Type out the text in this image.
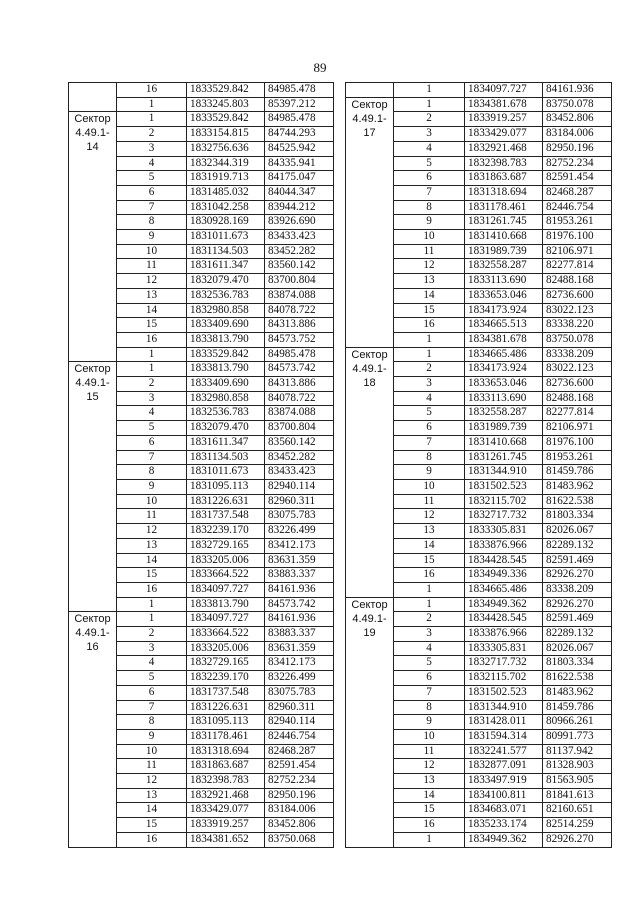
89
	16	1833529.842	84985.478
	1	1833245.803	85397.212

Сектор
4.49.1-
14	1	1833529.842	84985.478
	2	1833154.815	84744.293
	3	1832756.636	84525.942
	4	1832344.319	84335.941
	5	1831919.713	84175.047
	6	1831485.032	84044.347
	7	1831042.258	83944.212
	8	1830928.169	83926.690
	9	1831011.673	83433.423
	10	1831134.503	83452.282
	11	1831611.347	83560.142
	12	1832079.470	83700.804
	13	1832536.783	83874.088
	14	1832980.858	84078.722
	15	1833409.690	84313.886
	16	1833813.790	84573.752
	1	1833529.842	84985.478

Сектор
4.49.1-
15	1	1833813.790	84573.742
	2	1833409.690	84313.886
	3	1832980.858	84078.722
	4	1832536.783	83874.088
	5	1832079.470	83700.804
	6	1831611.347	83560.142
	7	1831134.503	83452.282
	8	1831011.673	83433.423
	9	1831095.113	82940.114
	10	1831226.631	82960.311
	11	1831737.548	83075.783
	12	1832239.170	83226.499
	13	1832729.165	83412.173
	14	1833205.006	83631.359
	15	1833664.522	83883.337
	16	1834097.727	84161.936
	1	1833813.790	84573.742

Сектор
4.49.1-
16	1	1834097.727	84161.936
	2	1833664.522	83883.337
	3	1833205.006	83631.359
	4	1832729.165	83412.173
	5	1832239.170	83226.499
	6	1831737.548	83075.783
	7	1831226.631	82960.311
	8	1831095.113	82940.114
	9	1831178.461	82446.754
	10	1831318.694	82468.287
	11	1831863.687	82591.454
	12	1832398.783	82752.234
	13	1832921.468	82950.196
	14	1833429.077	83184.006
	15	1833919.257	83452.806
	16	1834381.652	83750.068
	1	1834097.727	84161.936

Сектор
4.49.1-
17	1	1834381.678	83750.078
	2	1833919.257	83452.806
	3	1833429.077	83184.006
	4	1832921.468	82950.196
	5	1832398.783	82752.234
	6	1831863.687	82591.454
	7	1831318.694	82468.287
	8	1831178.461	82446.754
	9	1831261.745	81953.261
	10	1831410.668	81976.100
	11	1831989.739	82106.971
	12	1832558.287	82277.814
	13	1833113.690	82488.168
	14	1833653.046	82736.600
	15	1834173.924	83022.123
	16	1834665.513	83338.220
	1	1834381.678	83750.078

Сектор
4.49.1-
18	1	1834665.486	83338.209
	2	1834173.924	83022.123
	3	1833653.046	82736.600
	4	1833113.690	82488.168
	5	1832558.287	82277.814
	6	1831989.739	82106.971
	7	1831410.668	81976.100
	8	1831261.745	81953.261
	9	1831344.910	81459.786
	10	1831502.523	81483.962
	11	1832115.702	81622.538
	12	1832717.732	81803.334
	13	1833305.831	82026.067
	14	1833876.966	82289.132
	15	1834428.545	82591.469
	16	1834949.336	82926.270
	1	1834665.486	83338.209

Сектор
4.49.1-
19	1	1834949.362	82926.270
	2	1834428.545	82591.469
	3	1833876.966	82289.132
	4	1833305.831	82026.067
	5	1832717.732	81803.334
	6	1832115.702	81622.538
	7	1831502.523	81483.962
	8	1831344.910	81459.786
	9	1831428.011	80966.261
	10	1831594.314	80991.773
	11	1832241.577	81137.942
	12	1832877.091	81328.903
	13	1833497.919	81563.905
	14	1834100.811	81841.613
	15	1834683.071	82160.651
	16	1835233.174	82514.259
	1	1834949.362	82926.270
